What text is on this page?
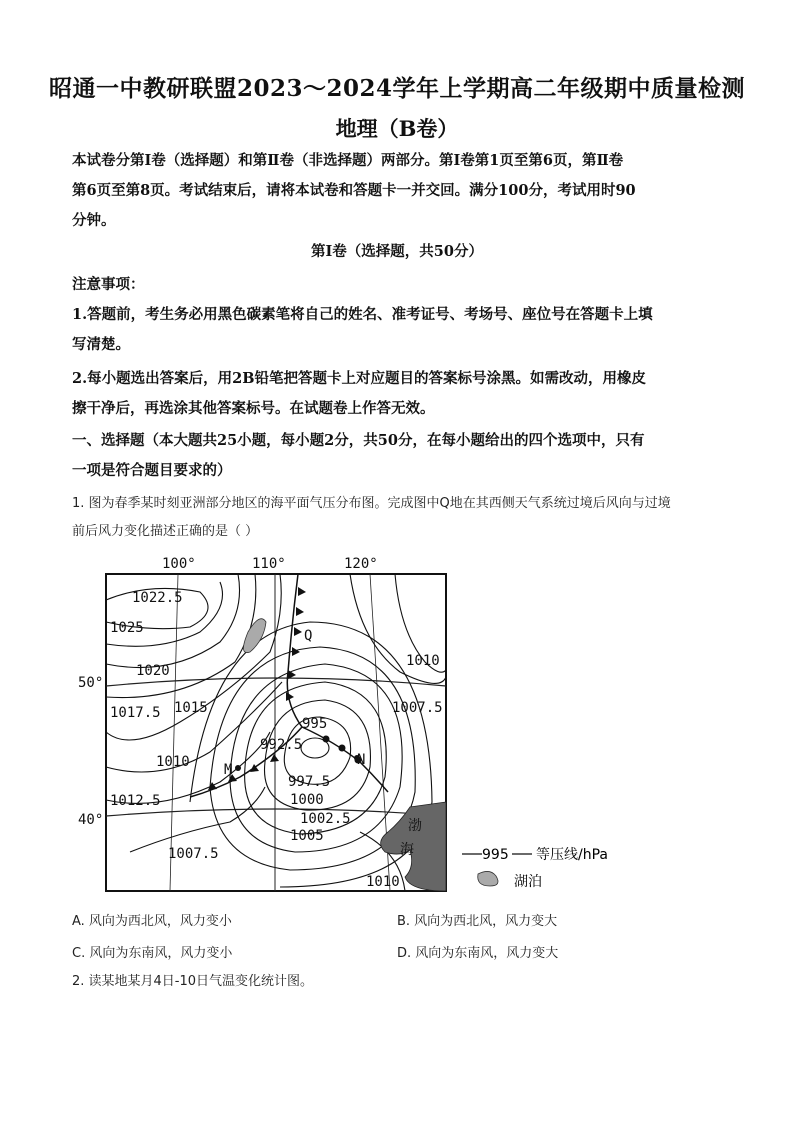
昭通一中教研联盟2023～2024学年上学期高二年级期中质量检测
地理（B卷）
本试卷分第Ⅰ卷（选择题）和第Ⅱ卷（非选择题）两部分。第Ⅰ卷第1页至第6页，第Ⅱ卷
第6页至第8页。考试结束后，请将本试卷和答题卡一并交回。满分100分，考试用时90
分钟。
第Ⅰ卷（选择题，共50分）
注意事项：
1.答题前，考生务必用黑色碳素笔将自己的姓名、准考证号、考场号、座位号在答题卡上填
写清楚。
2.每小题选出答案后，用2B铅笔把答题卡上对应题目的答案标号涂黑。如需改动，用橡皮
擦干净后，再选涂其他答案标号。在试题卷上作答无效。
一、选择题（本大题共25小题，每小题2分，共50分，在每小题给出的四个选项中，只有
一项是符合题目要求的）
1. 图为春季某时刻亚洲部分地区的海平面气压分布图。完成图中Q地在其西侧天气系统过境后风向与过境
前后风力变化描述正确的是（ ）
100°	110°	120°
50°
40°
1022.5
1025
1020
1017.5 1015
1010
1012.5
1007.5
995
992.5
997.5
1000
1002.5
1005
1010
1007.5
1010
Q
M
N
渤
海	995 等压线/hPa
湖泊
A. 风向为西北风，风力变小	B. 风向为西北风，风力变大
C. 风向为东南风，风力变小	D. 风向为东南风，风力变大
2. 读某地某月4日-10日气温变化统计图。
